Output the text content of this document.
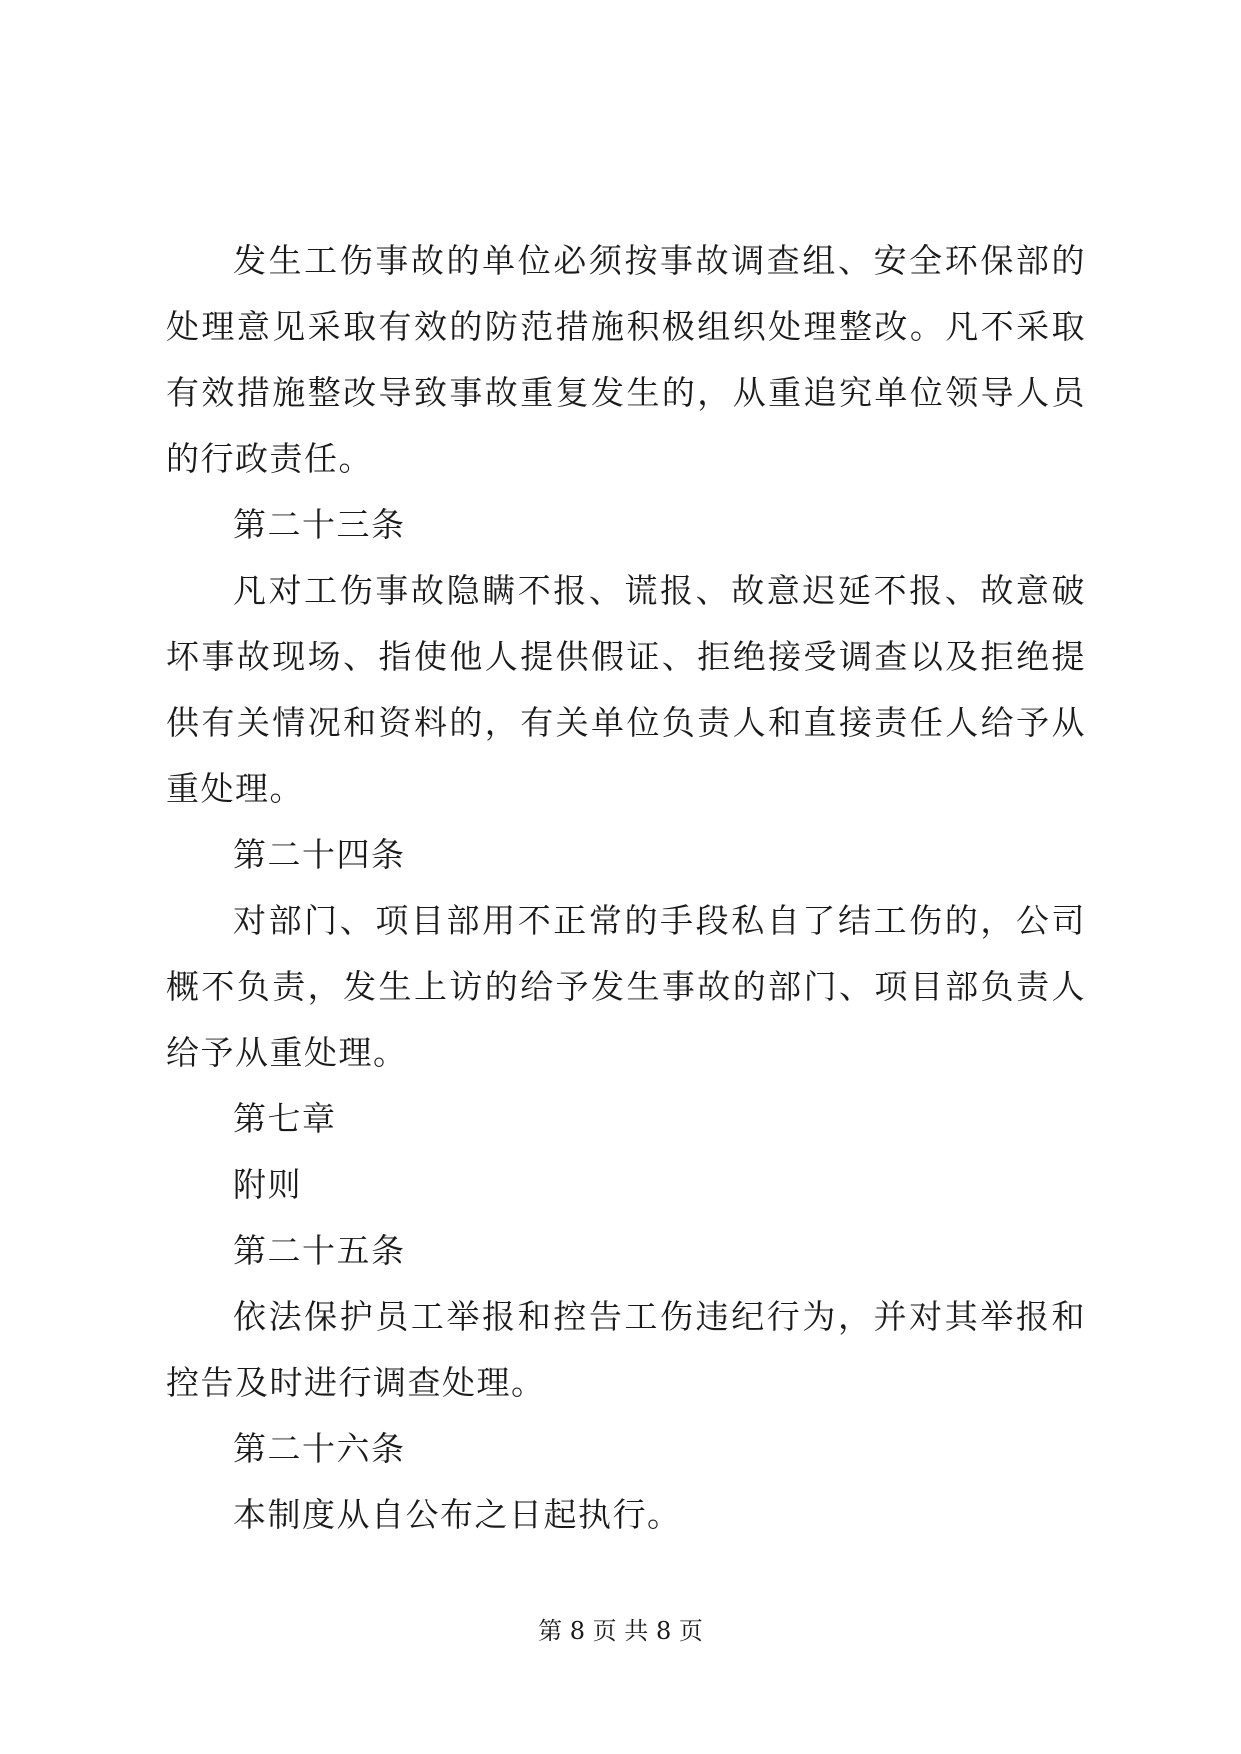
发生工伤事故的单位必须按事故调查组、安全环保部的处理意见采取有效的防范措施积极组织处理整改。凡不采取有效措施整改导致事故重复发生的，从重追究单位领导人员的行政责任。

第二十三条

凡对工伤事故隐瞒不报、谎报、故意迟延不报、故意破坏事故现场、指使他人提供假证、拒绝接受调查以及拒绝提供有关情况和资料的，有关单位负责人和直接责任人给予从重处理。

第二十四条

对部门、项目部用不正常的手段私自了结工伤的，公司概不负责，发生上访的给予发生事故的部门、项目部负责人给予从重处理。

第七章

附则

第二十五条

依法保护员工举报和控告工伤违纪行为，并对其举报和控告及时进行调查处理。

第二十六条

本制度从自公布之日起执行。

第 8 页 共 8 页
